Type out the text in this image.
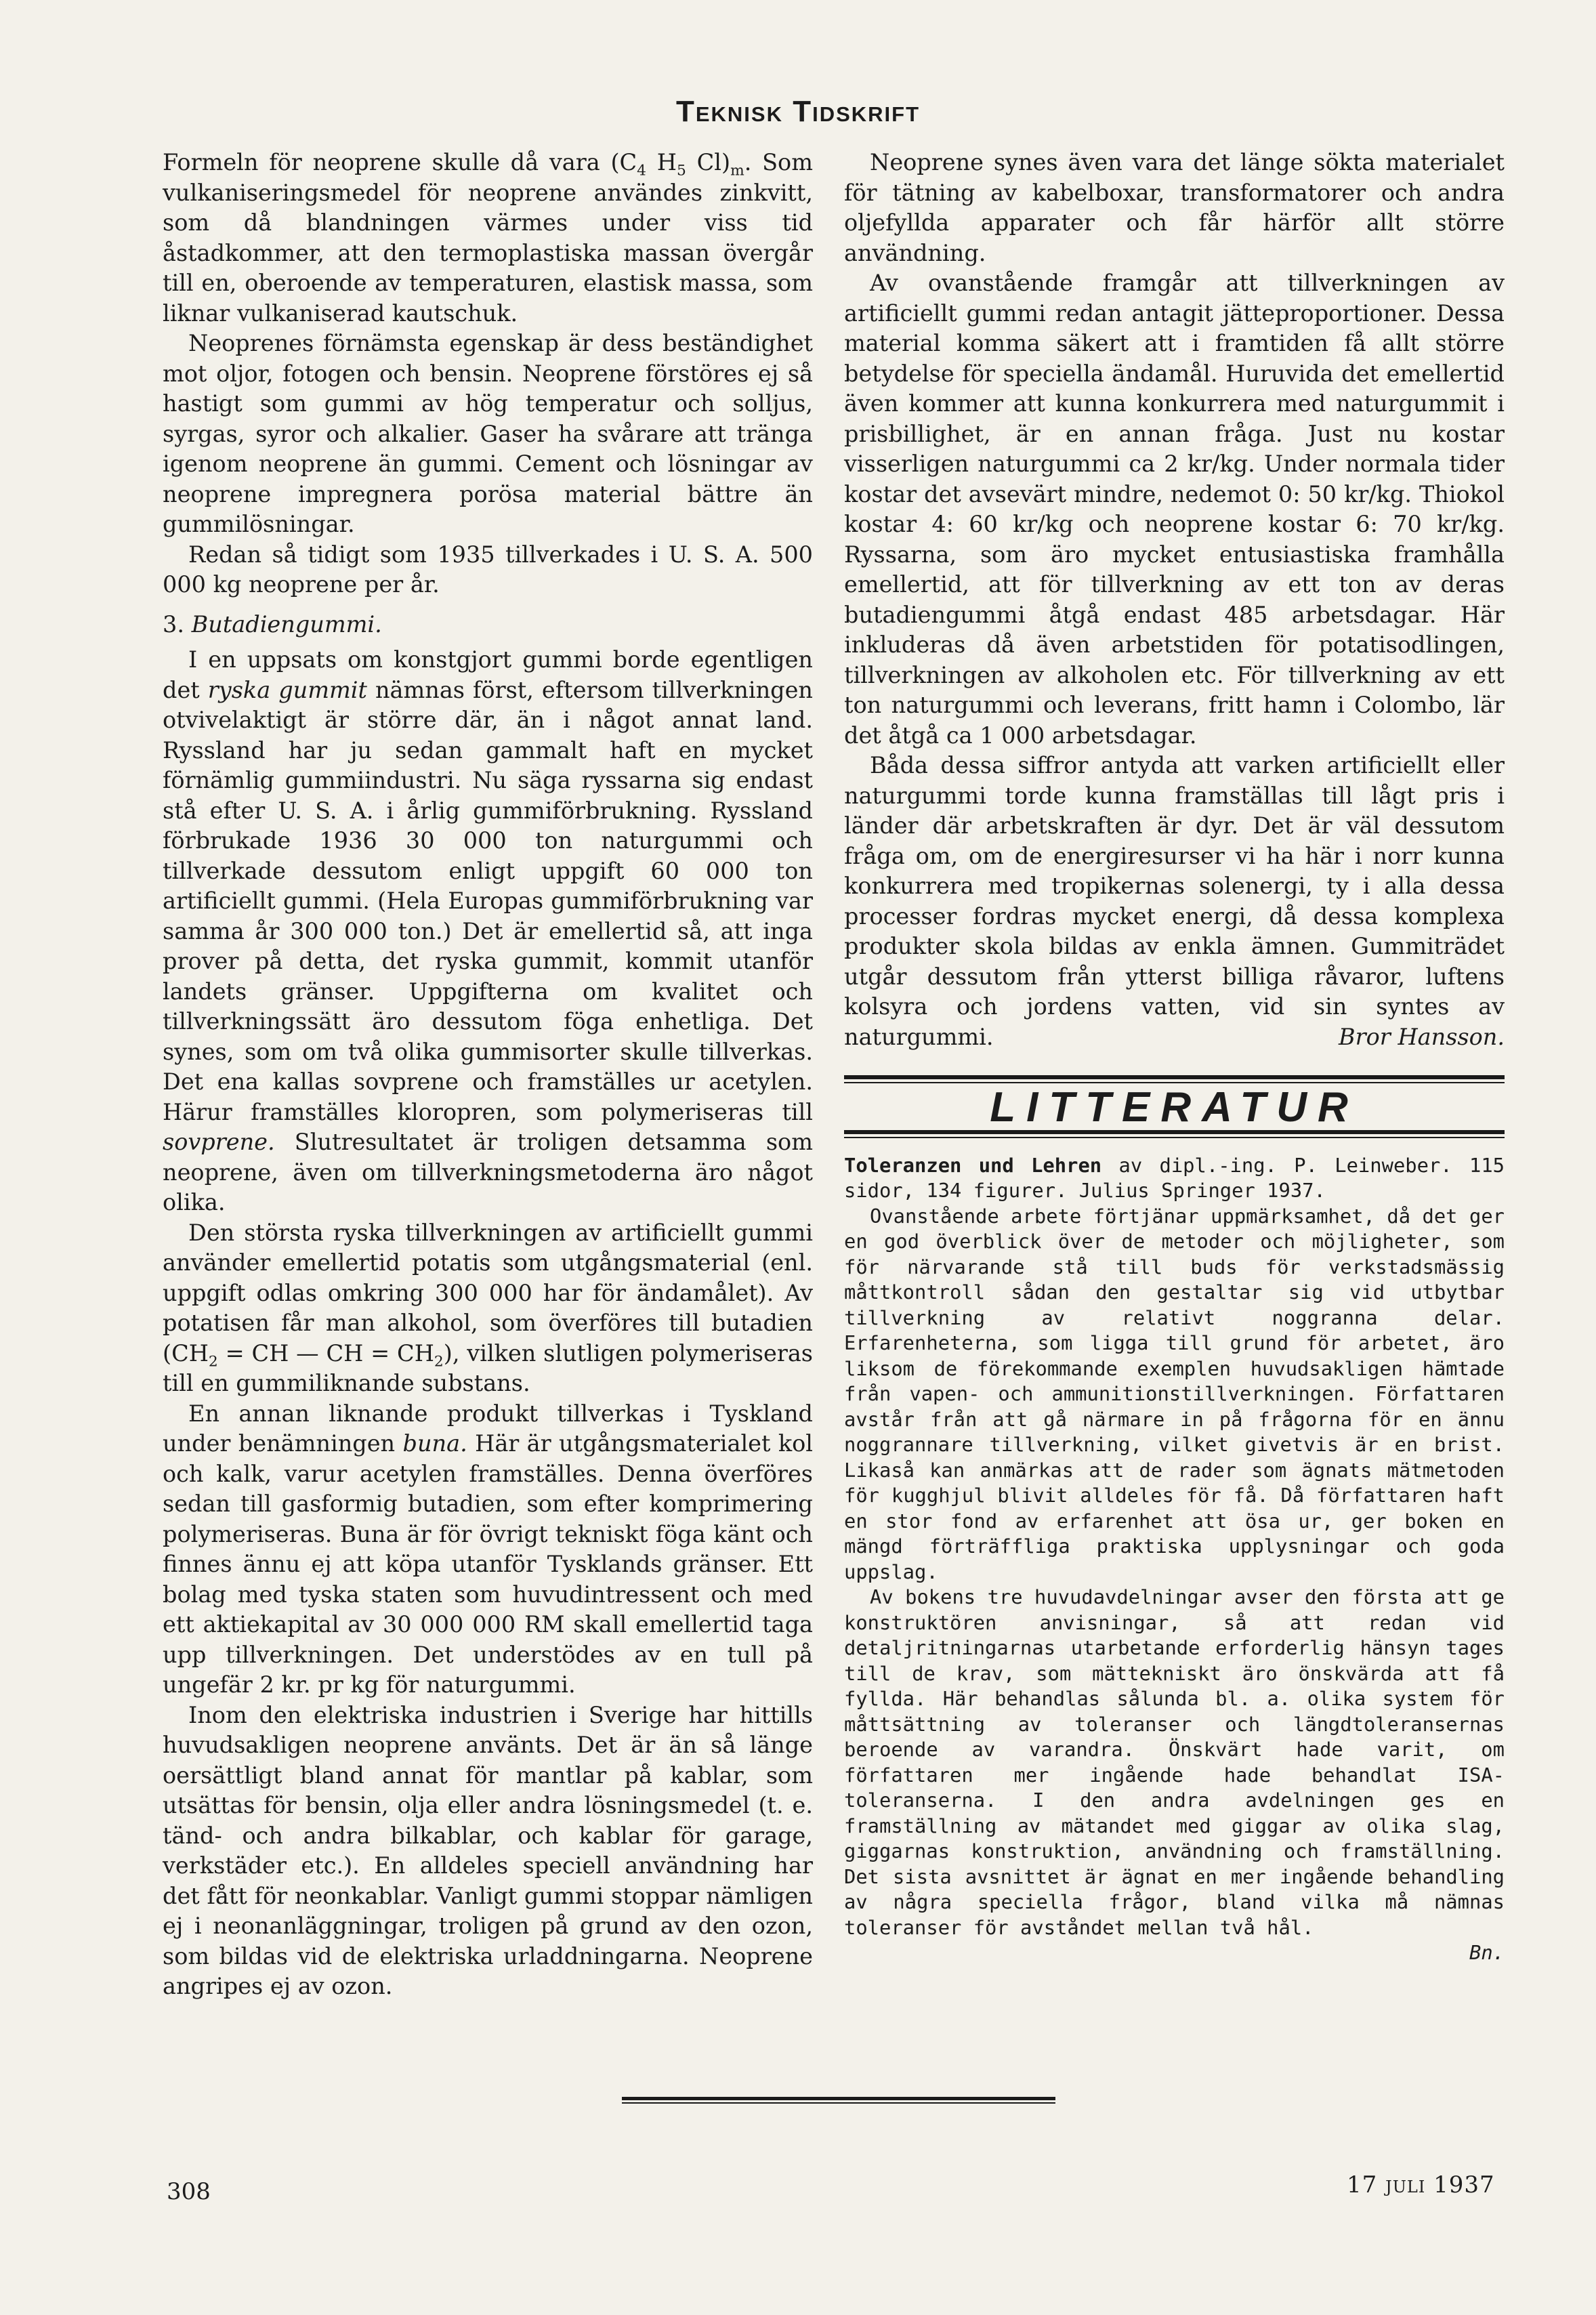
Teknisk Tidskrift

Formeln för neoprene skulle då vara ($C_4$ $H_5$ $Cl)_m$. Som vulkaniseringsmedel för neoprene användes zinkvitt, som då blandningen värmes under viss tid åstadkommer, att den termoplastiska massan övergår till en, oberoende av temperaturen, elastisk massa, som liknar vulkaniserad kautschuk.

Neoprenes förnämsta egenskap är dess beständighet mot oljor, fotogen och bensin. Neoprene förstöres ej så hastigt som gummi av hög temperatur och solljus, syrgas, syror och alkalier. Gaser ha svårare att tränga igenom neoprene än gummi. Cement och lösningar av neoprene impregnera porösa material bättre än gummilösningar.

Redan så tidigt som 1935 tillverkades i U. S. A. 500 000 kg neoprene per år.

3. Butadiengummi.

I en uppsats om konstgjort gummi borde egentligen det ryska gummit nämnas först, eftersom tillverkningen otvivelaktigt är större där, än i något annat land. Ryssland har ju sedan gammalt haft en mycket förnämlig gummiindustri. Nu säga ryssarna sig endast stå efter U. S. A. i årlig gummiförbrukning. Ryssland förbrukade 1936 30 000 ton naturgummi och tillverkade dessutom enligt uppgift 60 000 ton artificiellt gummi. (Hela Europas gummiförbrukning var samma år 300 000 ton.) Det är emellertid så, att inga prover på detta, det ryska gummit, kommit utanför landets gränser. Uppgifterna om kvalitet och tillverkningssätt äro dessutom föga enhetliga. Det synes, som om två olika gummisorter skulle tillverkas. Det ena kallas sovprene och framställes ur acetylen. Härur framställes kloropren, som polymeriseras till sovprene. Slutresultatet är troligen detsamma som neoprene, även om tillverkningsmetoderna äro något olika.

Den största ryska tillverkningen av artificiellt gummi använder emellertid potatis som utgångsmaterial (enl. uppgift odlas omkring 300 000 har för ändamålet). Av potatisen får man alkohol, som överföres till butadien ($CH_2$ = CH — CH = $CH_2$), vilken slutligen polymeriseras till en gummiliknande substans.

En annan liknande produkt tillverkas i Tyskland under benämningen buna. Här är utgångsmaterialet kol och kalk, varur acetylen framställes. Denna överföres sedan till gasformig butadien, som efter komprimering polymeriseras. Buna är för övrigt tekniskt föga känt och finnes ännu ej att köpa utanför Tysklands gränser. Ett bolag med tyska staten som huvudintressent och med ett aktiekapital av 30 000 000 RM skall emellertid taga upp tillverkningen. Det understödes av en tull på ungefär 2 kr. pr kg för naturgummi.

Inom den elektriska industrien i Sverige har hittills huvudsakligen neoprene använts. Det är än så länge oersättligt bland annat för mantlar på kablar, som utsättas för bensin, olja eller andra lösningsmedel (t. e. tänd- och andra bilkablar, och kablar för garage, verkstäder etc.). En alldeles speciell användning har det fått för neonkablar. Vanligt gummi stoppar nämligen ej i neonanläggningar, troligen på grund av den ozon, som bildas vid de elektriska urladdningarna. Neoprene angripes ej av ozon.

Neoprene synes även vara det länge sökta materialet för tätning av kabelboxar, transformatorer och andra oljefyllda apparater och får härför allt större användning.

Av ovanstående framgår att tillverkningen av artificiellt gummi redan antagit jätteproportioner. Dessa material komma säkert att i framtiden få allt större betydelse för speciella ändamål. Huruvida det emellertid även kommer att kunna konkurrera med naturgummit i prisbillighet, är en annan fråga. Just nu kostar visserligen naturgummi ca 2 kr/kg. Under normala tider kostar det avsevärt mindre, nedemot 0: 50 kr/kg. Thiokol kostar 4: 60 kr/kg och neoprene kostar 6: 70 kr/kg. Ryssarna, som äro mycket entusiastiska framhålla emellertid, att för tillverkning av ett ton av deras butadiengummi åtgå endast 485 arbetsdagar. Här inkluderas då även arbetstiden för potatisodlingen, tillverkningen av alkoholen etc. För tillverkning av ett ton naturgummi och leverans, fritt hamn i Colombo, lär det åtgå ca 1 000 arbetsdagar.

Båda dessa siffror antyda att varken artificiellt eller naturgummi torde kunna framställas till lågt pris i länder där arbetskraften är dyr. Det är väl dessutom fråga om, om de energiresurser vi ha här i norr kunna konkurrera med tropikernas solenergi, ty i alla dessa processer fordras mycket energi, då dessa komplexa produkter skola bildas av enkla ämnen. Gummiträdet utgår dessutom från ytterst billiga råvaror, luftens kolsyra och jordens vatten, vid sin syntes av naturgummi.	Bror Hansson.

LITTERATUR

Toleranzen und Lehren av dipl.-ing. P. Leinweber. 115 sidor, 134 figurer. Julius Springer 1937.

Ovanstående arbete förtjänar uppmärksamhet, då det ger en god överblick över de metoder och möjligheter, som för närvarande stå till buds för verkstadsmässig måttkontroll sådan den gestaltar sig vid utbytbar tillverkning av relativt noggranna delar. Erfarenheterna, som ligga till grund för arbetet, äro liksom de förekommande exemplen huvudsakligen hämtade från vapen- och ammunitionstillverkningen. Författaren avstår från att gå närmare in på frågorna för en ännu noggrannare tillverkning, vilket givetvis är en brist. Likaså kan anmärkas att de rader som ägnats mätmetoden för kugghjul blivit alldeles för få. Då författaren haft en stor fond av erfarenhet att ösa ur, ger boken en mängd förträffliga praktiska upplysningar och goda uppslag.

Av bokens tre huvudavdelningar avser den första att ge konstruktören anvisningar, så att redan vid detaljritningarnas utarbetande erforderlig hänsyn tages till de krav, som mättekniskt äro önskvärda att få fyllda. Här behandlas sålunda bl. a. olika system för måttsättning av toleranser och längdtoleransernas beroende av varandra. Önskvärt hade varit, om författaren mer ingående hade behandlat ISA-toleranserna. I den andra avdelningen ges en framställning av mätandet med giggar av olika slag, giggarnas konstruktion, användning och framställning. Det sista avsnittet är ägnat en mer ingående behandling av några speciella frågor, bland vilka må nämnas toleranser för avståndet mellan två hål.

Bn.
308	17 juli 1937
